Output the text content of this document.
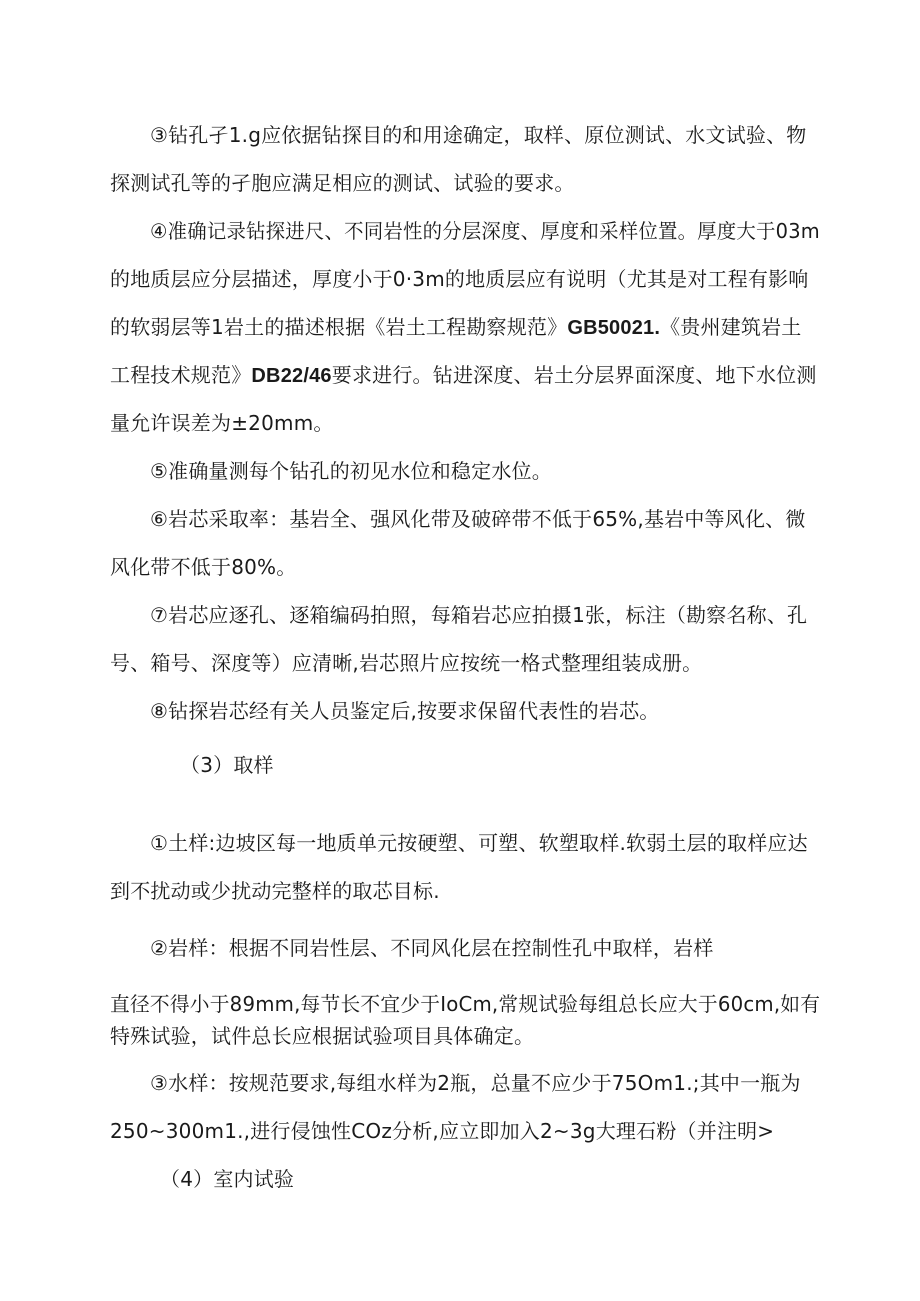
③钻孔孑1.g应依据钻探目的和用途确定，取样、原位测试、水文试验、物
探测试孔等的孑胞应满足相应的测试、试验的要求。
④准确记录钻探进尺、不同岩性的分层深度、厚度和采样位置。厚度大于03m
的地质层应分层描述，厚度小于0·3m的地质层应有说明（尤其是对工程有影响
的软弱层等1岩土的描述根据《岩土工程勘察规范》GB50021.《贵州建筑岩土
工程技术规范》DB22/46要求进行。钻进深度、岩土分层界面深度、地下水位测
量允许误差为±20mm。
⑤准确量测每个钻孔的初见水位和稳定水位。
⑥岩芯采取率：基岩全、强风化带及破碎带不低于65%,基岩中等风化、微
风化带不低于80%。
⑦岩芯应逐孔、逐箱编码拍照，每箱岩芯应拍摄1张，标注（勘察名称、孔
号、箱号、深度等）应清晰,岩芯照片应按统一格式整理组装成册。
⑧钻探岩芯经有关人员鉴定后,按要求保留代表性的岩芯。
（3）取样
①土样:边坡区每一地质单元按硬塑、可塑、软塑取样.软弱土层的取样应达
到不扰动或少扰动完整样的取芯目标.
②岩样：根据不同岩性层、不同风化层在控制性孔中取样，岩样
直径不得小于89mm,每节长不宜少于IoCm,常规试验每组总长应大于60cm,如有
特殊试验，试件总长应根据试验项目具体确定。
③水样：按规范要求,每组水样为2瓶，总量不应少于75Om1.;其中一瓶为
250~300m1.,进行侵蚀性COz分析,应立即加入2~3g大理石粉（并注明>
（4）室内试验
